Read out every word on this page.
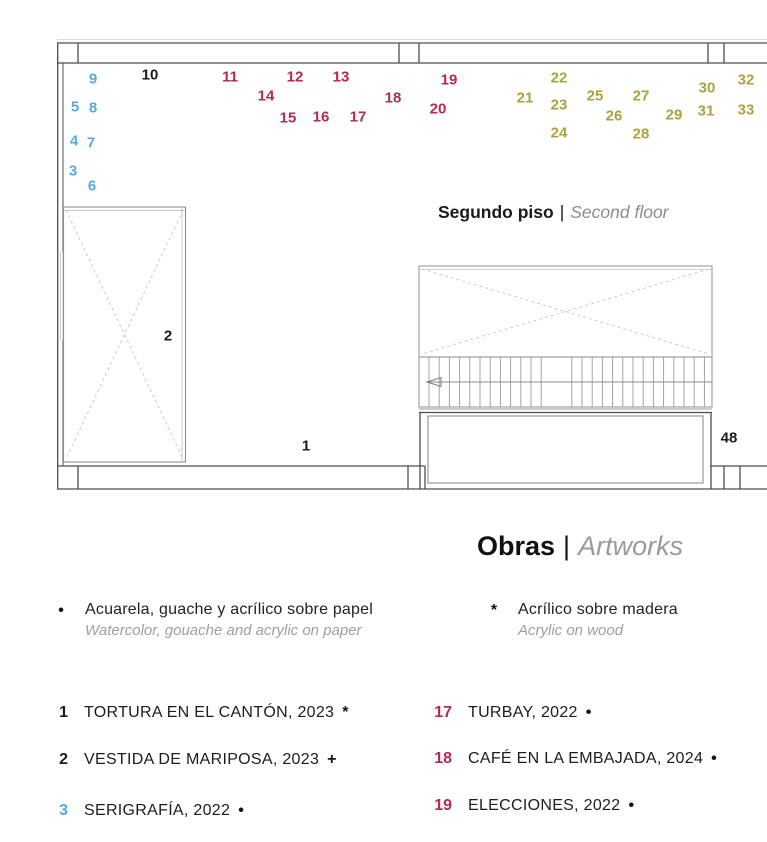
9
5 8
4 7
3
6
10	11	12 13
14
15 16 17
18
19
20
21
22
23
24
25
26
27
28
29
30
31
32
33
2
1	48
Segundo piso | Second floor
Obras | Artworks
• Acuarela, guache y acrílico sobre papel
Watercolor, gouache and acrylic on paper
* Acrílico sobre madera
Acrylic on wood
1 TORTURA EN EL CANTÓN, 2023 *
2 VESTIDA DE MARIPOSA, 2023 +
3 SERIGRAFÍA, 2022 •
17 TURBAY, 2022 •
18 CAFÉ EN LA EMBAJADA, 2024 •
19 ELECCIONES, 2022 •
